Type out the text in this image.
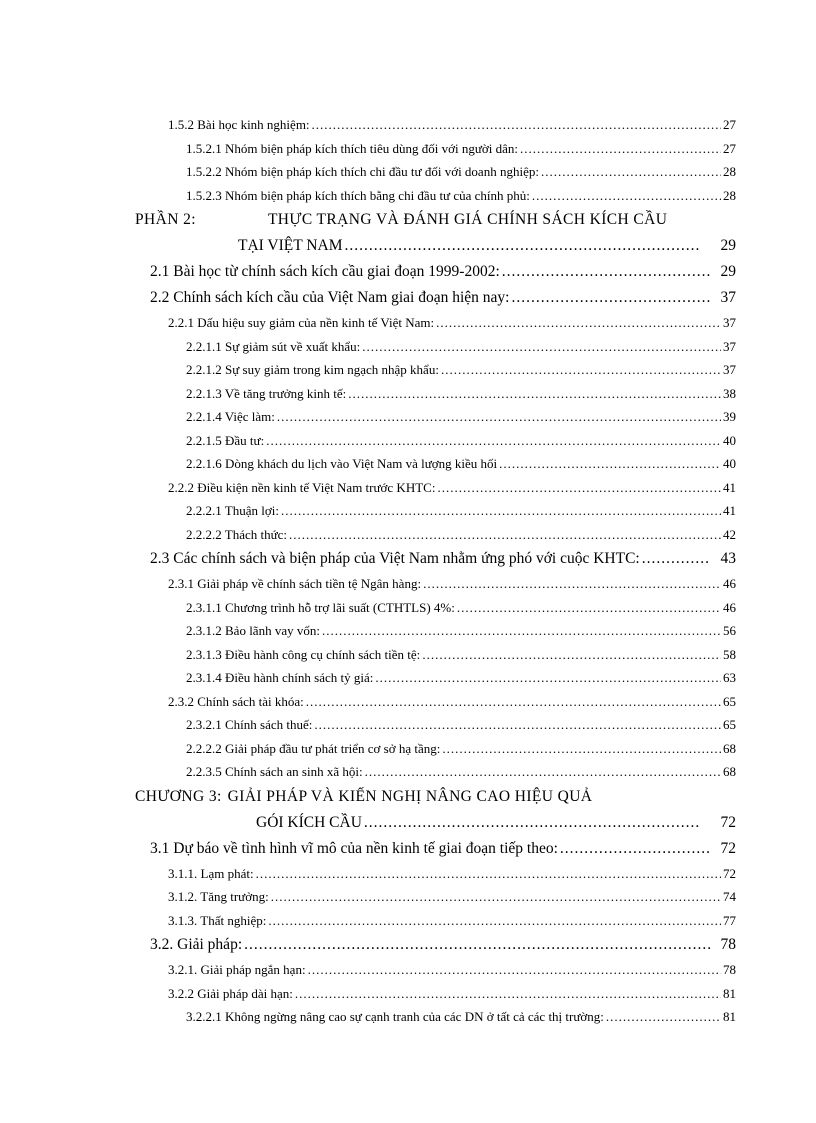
1.5.2 Bài học kinh nghiệm: .....	27
1.5.2.1 Nhóm biện pháp kích thích tiêu dùng đối với người dân: .....	27
1.5.2.2 Nhóm biện pháp kích thích chi đầu tư đối với doanh nghiệp: .....	28
1.5.2.3 Nhóm biện pháp kích thích bằng chi đầu tư của chính phủ: .....	28
PHẦN 2:	THỰC TRẠNG VÀ ĐÁNH GIÁ CHÍNH SÁCH KÍCH CẦU
TẠI VIỆT NAM .....	29
2.1 Bài học từ chính sách kích cầu giai đoạn 1999-2002: .....	29
2.2 Chính sách kích cầu của Việt Nam giai đoạn hiện nay: .....	37
2.2.1 Dấu hiệu suy giảm của nền kinh tế Việt Nam: .....	37
2.2.1.1 Sự giảm sút về xuất khẩu: .....	37
2.2.1.2 Sự suy giảm trong kim ngạch nhập khẩu: .....	37
2.2.1.3 Về tăng trưởng kinh tế: .....	38
2.2.1.4 Việc làm: .....	39
2.2.1.5 Đầu tư: .....	40
2.2.1.6 Dòng khách du lịch vào Việt Nam và lượng kiều hối .....	40
2.2.2 Điều kiện nền kinh tế Việt Nam trước KHTC: .....	41
2.2.2.1 Thuận lợi: .....	41
2.2.2.2 Thách thức: .....	42
2.3 Các chính sách và biện pháp của Việt Nam nhằm ứng phó với cuộc KHTC: .....	43
2.3.1 Giải pháp về chính sách tiền tệ Ngân hàng: .....	46
2.3.1.1 Chương trình hỗ trợ lãi suất (CTHTLS) 4%: .....	46
2.3.1.2 Bảo lãnh vay vốn: .....	56
2.3.1.3 Điều hành công cụ chính sách tiền tệ: .....	58
2.3.1.4 Điều hành chính sách tỷ giá: .....	63
2.3.2 Chính sách tài khóa: .....	65
2.3.2.1 Chính sách thuế: .....	65
2.2.2.2 Giải pháp đầu tư phát triển cơ sở hạ tầng: .....	68
2.2.3.5 Chính sách an sinh xã hội: .....	68
CHƯƠNG 3: GIẢI PHÁP VÀ KIẾN NGHỊ NÂNG CAO HIỆU QUẢ
GÓI KÍCH CẦU .....	72
3.1 Dự báo về tình hình vĩ mô của nền kinh tế giai đoạn tiếp theo: .....	72
3.1.1. Lạm phát: .....	72
3.1.2. Tăng trưởng: .....	74
3.1.3. Thất nghiệp: .....	77
3.2. Giải pháp: .....	78
3.2.1. Giải pháp ngắn hạn: .....	78
3.2.2 Giải pháp dài hạn: .....	81
3.2.2.1 Không ngừng nâng cao sự cạnh tranh của các DN ở tất cả các thị trường: .....	81
